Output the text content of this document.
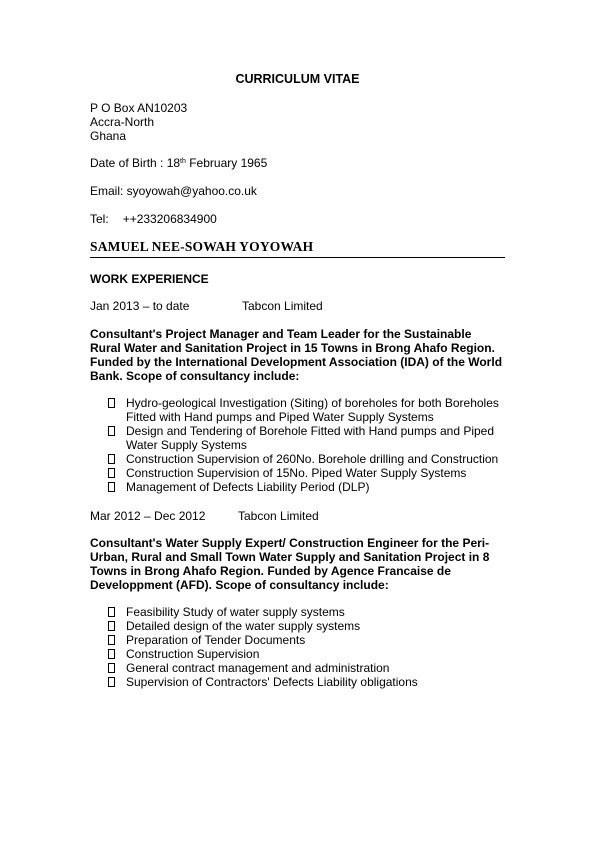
CURRICULUM VITAE
P O Box AN10203
Accra-North
Ghana
Date of Birth : 18th February 1965
Email: syoyowah@yahoo.co.uk
Tel: ++233206834900
SAMUEL NEE-SOWAH YOYOWAH
WORK EXPERIENCE
Jan 2013 – to date	Tabcon Limited
Consultant's Project Manager and Team Leader for the Sustainable
Rural Water and Sanitation Project in 15 Towns in Brong Ahafo Region.
Funded by the International Development Association (IDA) of the World
Bank. Scope of consultancy include:
Hydro-geological Investigation (Siting) of boreholes for both Boreholes
Fitted with Hand pumps and Piped Water Supply Systems
Design and Tendering of Borehole Fitted with Hand pumps and Piped
Water Supply Systems
Construction Supervision of 260No. Borehole drilling and Construction
Construction Supervision of 15No. Piped Water Supply Systems
Management of Defects Liability Period (DLP)
Mar 2012 – Dec 2012	Tabcon Limited
Consultant's Water Supply Expert/ Construction Engineer for the Peri-
Urban, Rural and Small Town Water Supply and Sanitation Project in 8
Towns in Brong Ahafo Region. Funded by Agence Francaise de
Developpment (AFD). Scope of consultancy include:
Feasibility Study of water supply systems
Detailed design of the water supply systems
Preparation of Tender Documents
Construction Supervision
General contract management and administration
Supervision of Contractors' Defects Liability obligations
